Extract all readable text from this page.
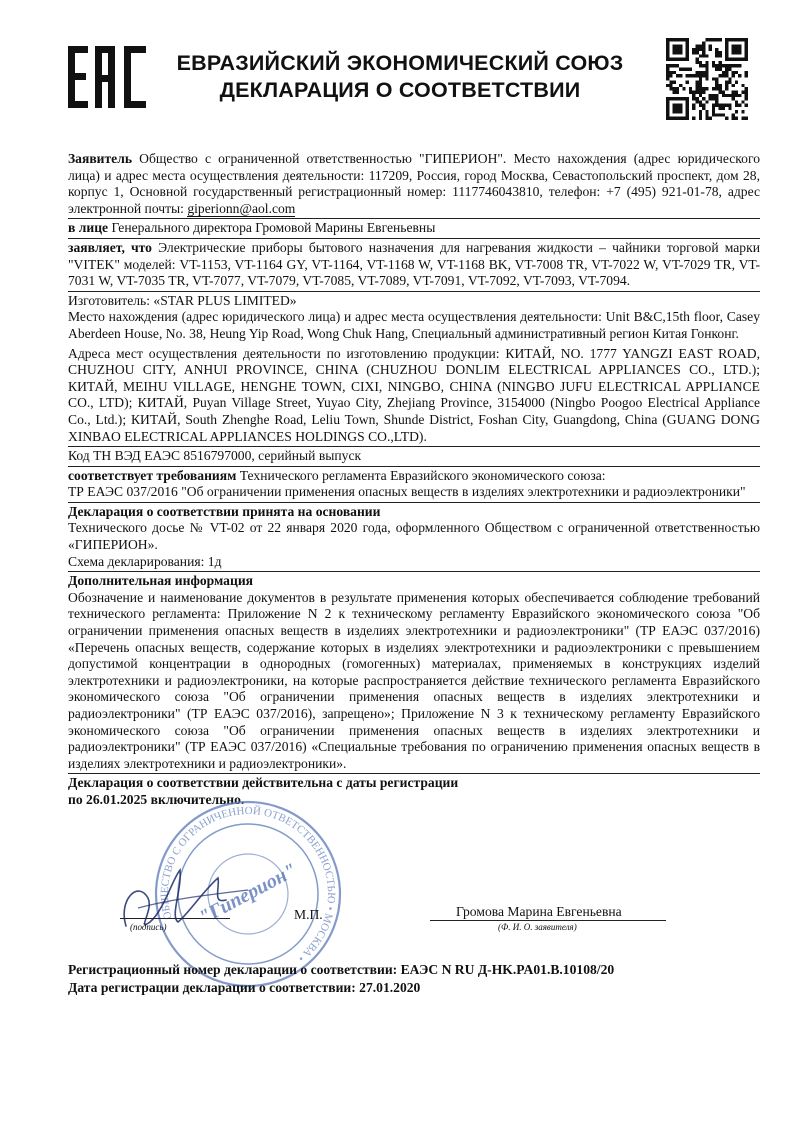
ЕВРАЗИЙСКИЙ ЭКОНОМИЧЕСКИЙ СОЮЗ
ДЕКЛАРАЦИЯ О СООТВЕТСТВИИ

Заявитель Общество с ограниченной ответственностью "ГИПЕРИОН". Место нахождения (адрес юридического лица) и адрес места осуществления деятельности: 117209, Россия, город Москва, Севастопольский проспект, дом 28, корпус 1, Основной государственный регистрационный номер: 1117746043810, телефон: +7 (495) 921-01-78, адрес электронной почты: giperionn@aol.com

в лице Генерального директора Громовой Марины Евгеньевны

заявляет, что Электрические приборы бытового назначения для нагревания жидкости – чайники торговой марки "VITEK" моделей: VT-1153, VT-1164 GY, VT-1164, VT-1168 W, VT-1168 BK, VT-7008 TR, VT-7022 W, VT-7029 TR, VT-7031 W, VT-7035 TR, VT-7077, VT-7079, VT-7085, VT-7089, VT-7091, VT-7092, VT-7093, VT-7094.

Изготовитель: «STAR PLUS LIMITED»

Место нахождения (адрес юридического лица) и адрес места осуществления деятельности: Unit B&C,15th floor, Casey Aberdeen House, No. 38, Heung Yip Road, Wong Chuk Hang, Специальный административный регион Китая Гонконг.

Адреса мест осуществления деятельности по изготовлению продукции: КИТАЙ, NO. 1777 YANGZI EAST ROAD, CHUZHOU CITY, ANHUI PROVINCE, CHINA (CHUZHOU DONLIM ELECTRICAL APPLIANCES CO., LTD.); КИТАЙ, MEIHU VILLAGE, HENGHE TOWN, CIXI, NINGBO, CHINA (NINGBO JUFU ELECTRICAL APPLIANCE CO., LTD); КИТАЙ, Puyan Village Street, Yuyao City, Zhejiang Province, 3154000 (Ningbo Poogoo Electrical Appliance Co., Ltd.); КИТАЙ, South Zhenghe Road, Leliu Town, Shunde District, Foshan City, Guangdong, China (GUANG DONG XINBAO ELECTRICAL APPLIANCES HOLDINGS CO.,LTD).

Код ТН ВЭД ЕАЭС 8516797000, серийный выпуск

соответствует требованиям Технического регламента Евразийского экономического союза:

ТР ЕАЭС 037/2016 "Об ограничении применения опасных веществ в изделиях электротехники и радиоэлектроники"

Декларация о соответствии принята на основании

Технического досье № VT-02 от 22 января 2020 года, оформленного Обществом с ограниченной ответственностью «ГИПЕРИОН».

Схема декларирования: 1д

Дополнительная информация

Обозначение и наименование документов в результате применения которых обеспечивается соблюдение требований технического регламента: Приложение N 2 к техническому регламенту Евразийского экономического союза "Об ограничении применения опасных веществ в изделиях электротехники и радиоэлектроники" (ТР ЕАЭС 037/2016) «Перечень опасных веществ, содержание которых в изделиях электротехники и радиоэлектроники с превышением допустимой концентрации в однородных (гомогенных) материалах, применяемых в конструкциях изделий электротехники и радиоэлектроники, на которые распространяется действие технического регламента Евразийского экономического союза "Об ограничении применения опасных веществ в изделиях электротехники и радиоэлектроники" (ТР ЕАЭС 037/2016), запрещено»; Приложение N 3 к техническому регламенту Евразийского экономического союза "Об ограничении применения опасных веществ в изделиях электротехники и радиоэлектроники" (ТР ЕАЭС 037/2016) «Специальные требования по ограничению применения опасных веществ в изделиях электротехники и радиоэлектроники».

Декларация о соответствии действительна с даты регистрации

по 26.01.2025 включительно.

ОБЩЕСТВО С ОГРАНИЧЕННОЙ ОТВЕТСТВЕННОСТЬЮ • МОСКВА •
"Гиперион"
(подпись)
М.П.	Громова Марина Евгеньевна
(Ф. И. О. заявителя)
Регистрационный номер декларации о соответствии: ЕАЭС N RU Д-HK.PA01.B.10108/20
Дата регистрации декларации о соответствии: 27.01.2020
